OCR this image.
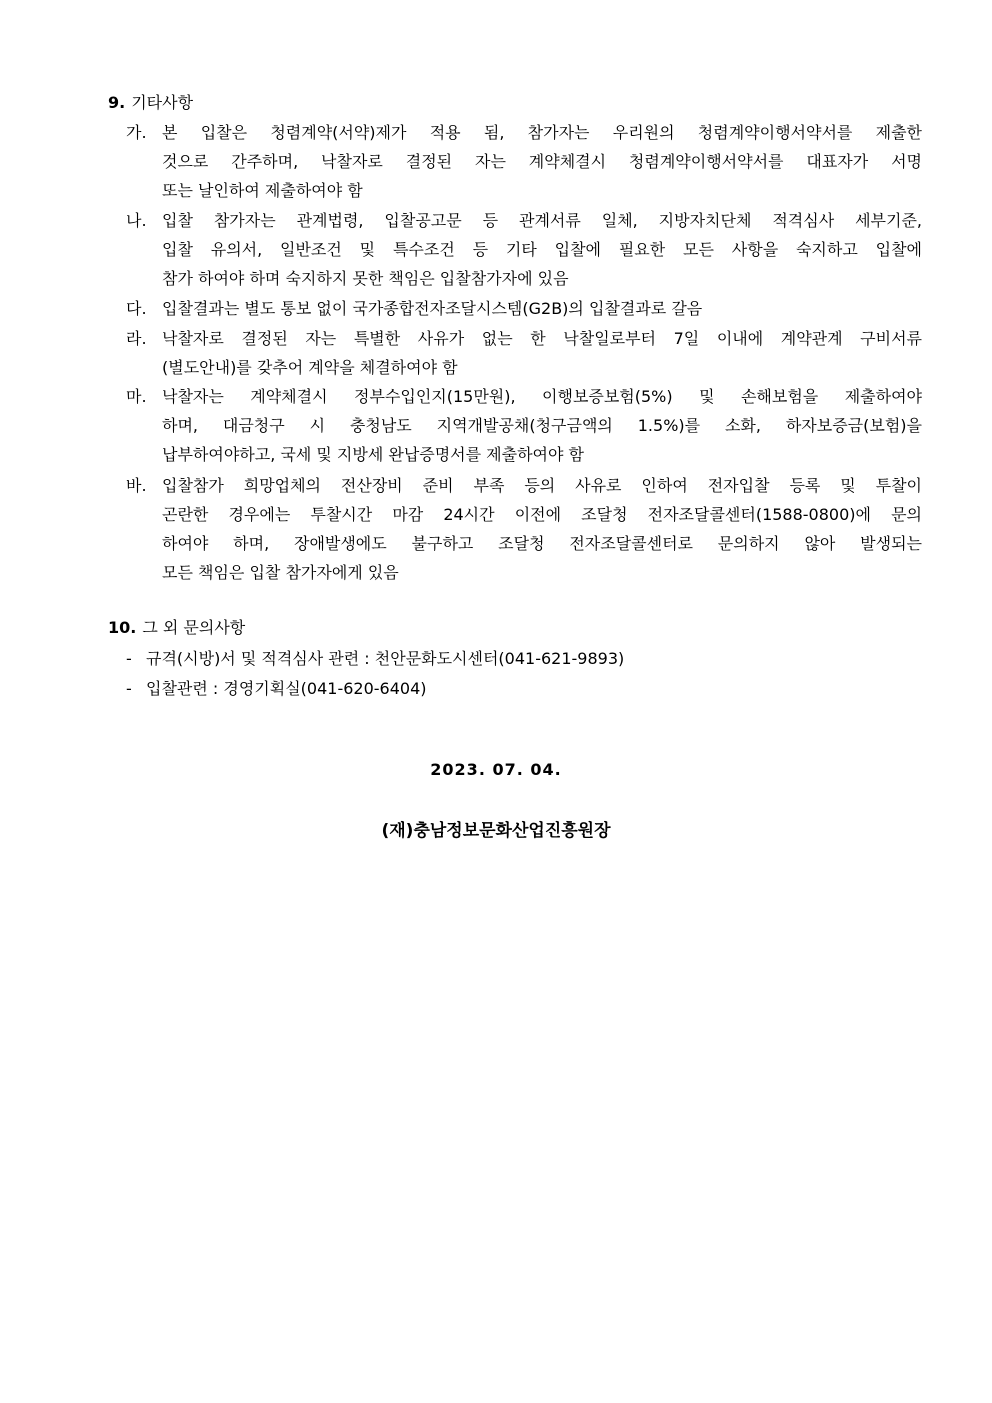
9. 기타사항
가. 본 입찰은 청렴계약(서약)제가 적용 됨, 참가자는 우리원의 청렴계약이행서약서를 제출한
것으로 간주하며, 낙찰자로 결정된 자는 계약체결시 청렴계약이행서약서를 대표자가 서명
또는 날인하여 제출하여야 함
나. 입찰 참가자는 관계법령, 입찰공고문 등 관계서류 일체, 지방자치단체 적격심사 세부기준,
입찰 유의서, 일반조건 및 특수조건 등 기타 입찰에 필요한 모든 사항을 숙지하고 입찰에
참가 하여야 하며 숙지하지 못한 책임은 입찰참가자에 있음
다. 입찰결과는 별도 통보 없이 국가종합전자조달시스템(G2B)의 입찰결과로 갈음
라. 낙찰자로 결정된 자는 특별한 사유가 없는 한 낙찰일로부터 7일 이내에 계약관계 구비서류
(별도안내)를 갖추어 계약을 체결하여야 함
마. 낙찰자는 계약체결시 정부수입인지(15만원), 이행보증보험(5%) 및 손해보험을 제출하여야
하며, 대금청구 시 충청남도 지역개발공채(청구금액의 1.5%)를 소화, 하자보증금(보험)을
납부하여야하고, 국세 및 지방세 완납증명서를 제출하여야 함
바. 입찰참가 희망업체의 전산장비 준비 부족 등의 사유로 인하여 전자입찰 등록 및 투찰이
곤란한 경우에는 투찰시간 마감 24시간 이전에 조달청 전자조달콜센터(1588-0800)에 문의
하여야 하며, 장애발생에도 불구하고 조달청 전자조달콜센터로 문의하지 않아 발생되는
모든 책임은 입찰 참가자에게 있음
10. 그 외 문의사항
- 규격(시방)서 및 적격심사 관련 : 천안문화도시센터(041-621-9893)
- 입찰관련 : 경영기획실(041-620-6404)
2023. 07. 04.
(재)충남정보문화산업진흥원장
